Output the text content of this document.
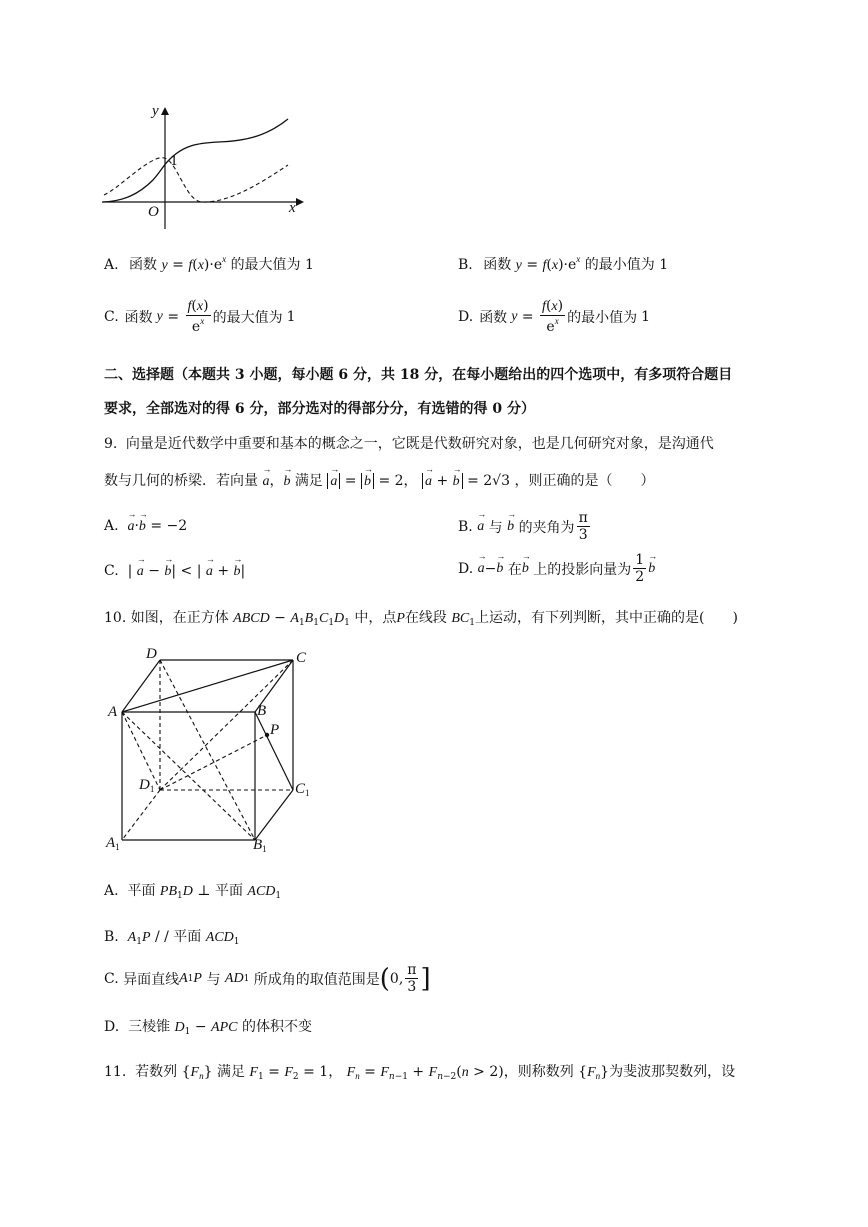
y
x
O
1
A. 函数 $y = f(x)\cdot e^x$ 的最大值为 1	B. 函数 $y = f(x)\cdot e^x$ 的最小值为 1
C. 函数 $y = \frac{f(x)}{e^x}$ 的最大值为 1	D. 函数 $y = \frac{f(x)}{e^x}$ 的最小值为 1
二、选择题（本题共 3 小题，每小题 6 分，共 18 分，在每小题给出的四个选项中，有多项符合题目
要求，全部选对的得 6 分，部分选对的得部分分，有选错的得 0 分）
9. 向量是近代数学中重要和基本的概念之一，它既是代数研究对象，也是几何研究对象，是沟通代
数与几何的桥梁．若向量 → a，→ b 满足 → a = → b = 2， → a + → b = 2√3 ，则正确的是（　　）
A.  → a·→ b = −2	B.

→ a
与

→ b
的夹角为 $\frac{\pi}{3}$
C.  | → a − → b| < | → a + → b|	D.

→ a −
→ b
在
→ b
上的投影向量为 $\frac{1}{2}$
→ b
10. 如图，在正方体 ABCD − $A_1B_1C_1D_1$ 中，点P在线段 $BC_1$上运动，有下列判断，其中正确的是(　　)
D	C
A	B
P
$D_1$	$C_1$
$A_1$	$B_1$
A. 平面 $PB_1D$ ⊥ 平面 $ACD_1$
B. $A_1P$ / / 平面 $ACD_1$
C.
异面直线 A 1 P
与
AD 1
所成角的取值范围是 ( 0, $\frac{\pi}{3}$ ]
D. 三棱锥 $D_1$ − APC 的体积不变
11. 若数列 $\{F_n\}$ 满足 $F_1 = F_2 = 1$， $F_n = F_{n-1} + F_{n-2}(n > 2)$，则称数列 $\{F_n\}$为斐波那契数列，设
